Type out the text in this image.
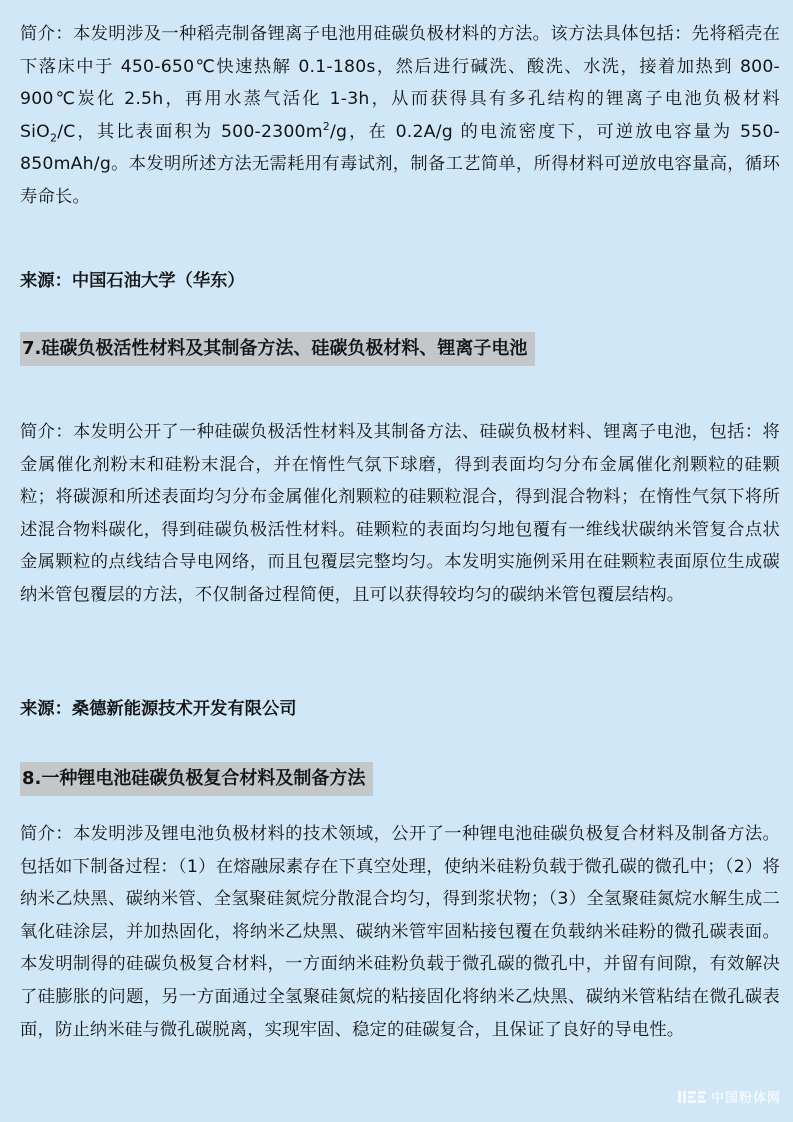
简介：本发明涉及一种稻壳制备锂离子电池用硅碳负极材料的方法。该方法具体包括：先将稻壳在下落床中于 450-650℃快速热解 0.1-180s，然后进行碱洗、酸洗、水洗，接着加热到 800-900℃炭化 2.5h，再用水蒸气活化 1-3h，从而获得具有多孔结构的锂离子电池负极材料 SiO$_2$/C，其比表面积为 $500-2300m^2/g$，在 0.2A/g 的电流密度下，可逆放电容量为 550-850mAh/g。本发明所述方法无需耗用有毒试剂，制备工艺简单，所得材料可逆放电容量高，循环寿命长。

来源：中国石油大学（华东）

7.硅碳负极活性材料及其制备方法、硅碳负极材料、锂离子电池

简介：本发明公开了一种硅碳负极活性材料及其制备方法、硅碳负极材料、锂离子电池，包括：将金属催化剂粉末和硅粉末混合，并在惰性气氛下球磨，得到表面均匀分布金属催化剂颗粒的硅颗粒；将碳源和所述表面均匀分布金属催化剂颗粒的硅颗粒混合，得到混合物料；在惰性气氛下将所述混合物料碳化，得到硅碳负极活性材料。硅颗粒的表面均匀地包覆有一维线状碳纳米管复合点状金属颗粒的点线结合导电网络，而且包覆层完整均匀。本发明实施例采用在硅颗粒表面原位生成碳纳米管包覆层的方法，不仅制备过程简便，且可以获得较均匀的碳纳米管包覆层结构。

来源：桑德新能源技术开发有限公司

8.一种锂电池硅碳负极复合材料及制备方法

简介：本发明涉及锂电池负极材料的技术领域，公开了一种锂电池硅碳负极复合材料及制备方法。包括如下制备过程：（1）在熔融尿素存在下真空处理，使纳米硅粉负载于微孔碳的微孔中；（2）将纳米乙炔黑、碳纳米管、全氢聚硅氮烷分散混合均匀，得到浆状物；（3）全氢聚硅氮烷水解生成二氧化硅涂层，并加热固化，将纳米乙炔黑、碳纳米管牢固粘接包覆在负载纳米硅粉的微孔碳表面。本发明制得的硅碳负极复合材料，一方面纳米硅粉负载于微孔碳的微孔中，并留有间隙，有效解决了硅膨胀的问题，另一方面通过全氢聚硅氮烷的粘接固化将纳米乙炔黑、碳纳米管粘结在微孔碳表面，防止纳米硅与微孔碳脱离，实现牢固、稳定的硅碳复合，且保证了良好的导电性。

中国粉体网
